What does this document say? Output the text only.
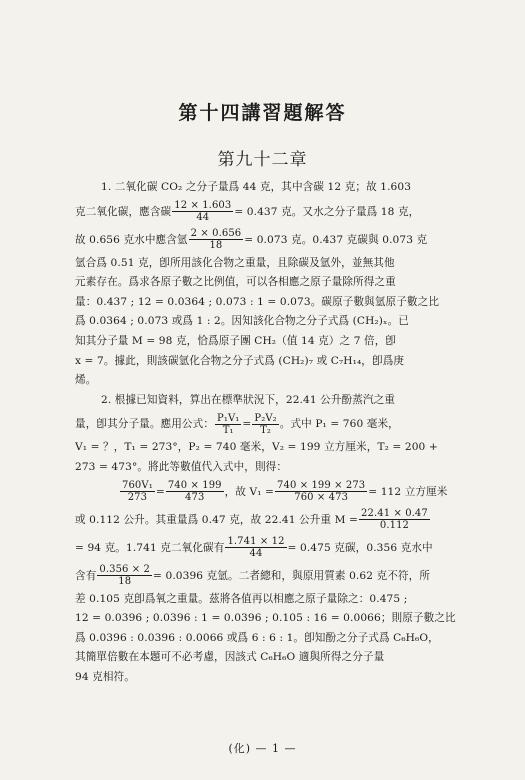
第十四講習題解答
第九十二章
1. 二氧化碳 CO₂ 之分子量爲 44 克，其中含碳 12 克；故 1.603
克二氧化碳，應含碳 $\frac{12 \times 1.603}{44} = 0.437$ 克。又水之分子量爲 18 克，
故 0.656 克水中應含氫 $\frac{2 \times 0.656}{18} = 0.073$ 克。0.437 克碳與 0.073 克
氫合爲 0.51 克，卽所用該化合物之重量，且除碳及氫外，並無其他
元素存在。爲求各原子數之比例值，可以各相應之原子量除所得之重
量：0.437 ; 12 = 0.0364 ; 0.073 : 1 = 0.073。碳原子數與氫原子數之比
爲 0.0364 ; 0.073 或爲 1 : 2。因知該化合物之分子式爲 (CH₂)ₓ。已
知其分子量 M = 98 克，恰爲原子團 CH₂（值 14 克）之 7 倍，卽
x = 7。據此，則該碳氫化合物之分子式爲 (CH₂)₇ 或 C₇H₁₄，卽爲庚
烯。
2. 根據已知資料，算出在標準狀況下，22.41 公升酚蒸汽之重
量，卽其分子量。應用公式： $\frac{\text{P₁V₁}}{\text{T₁}} = \frac{\text{P₂V₂}}{\text{T₂}}$ 。式中 P₁ = 760 毫米，
V₁ = ？，T₁ = 273°，P₂ = 740 毫米，V₂ = 199 立方厘米，T₂ = 200 +
273 = 473°。將此等數值代入式中，則得：
$\frac{\text{760V₁}}{273} = \frac{740 \times 199}{473}$ ，故 $V_1 = \frac{740 \times 199 \times 273}{760 \times 473} = 112$ 立方厘米
或 0.112 公升。其重量爲 0.47 克，故 22.41 公升重 $M = \frac{22.41 \times 0.47}{0.112}$
= 94 克。1.741 克二氧化碳有 $\frac{1.741 \times 12}{44} = 0.475$ 克碳，0.356 克水中
含有 $\frac{0.356 \times 2}{18} = 0.0396$ 克氫。二者總和，與原用質素 0.62 克不符，所
差 0.105 克卽爲氧之重量。茲將各值再以相應之原子量除之：0.475 ;
12 = 0.0396 ; 0.0396 : 1 = 0.0396 ; 0.105 : 16 = 0.0066；則原子數之比
爲 0.0396 : 0.0396 : 0.0066 或爲 6 : 6 : 1。卽知酚之分子式爲 C₆H₆O，
其簡單倍數在本題可不必考慮，因該式 C₆H₆O 適與所得之分子量
94 克相符。
(化) — 1 —
